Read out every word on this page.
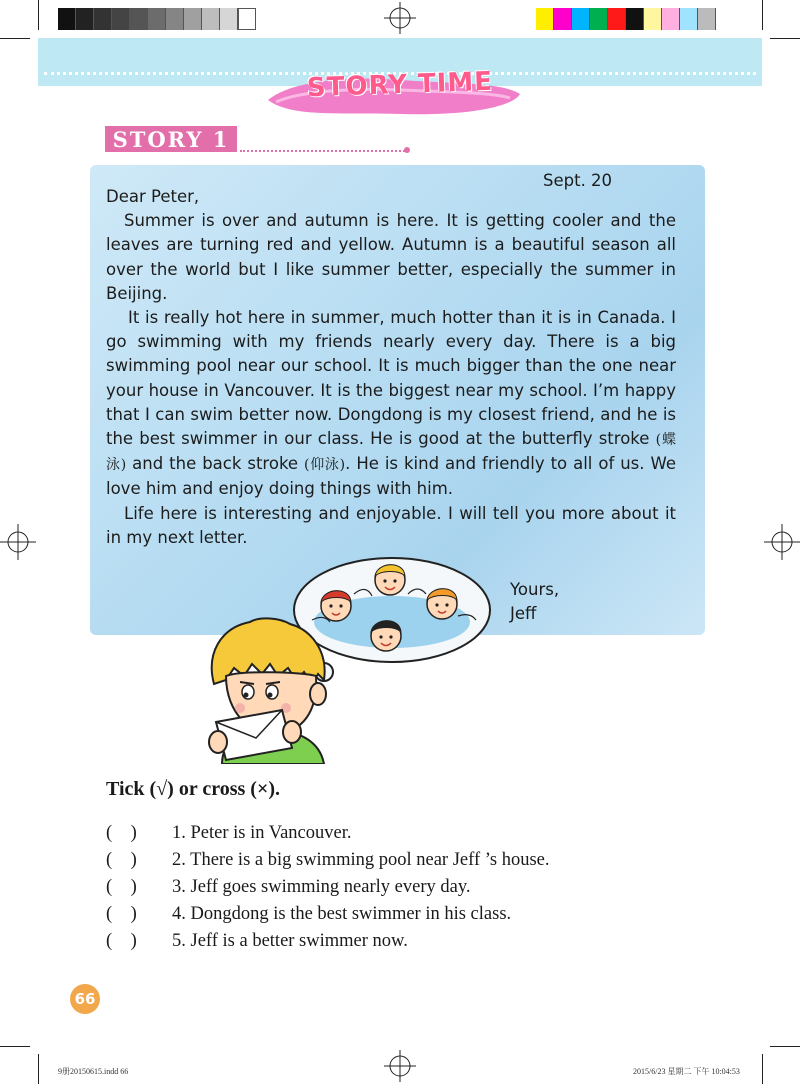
STORY TIME
STORY 1
Sept. 20

Dear Peter,

Summer is over and autumn is here. It is getting cooler and the leaves are turning red and yellow. Autumn is a beautiful season all over the world but I like summer better, especially the summer in Beijing.

It is really hot here in summer, much hotter than it is in Canada. I go swimming with my friends nearly every day. There is a big swimming pool near our school. It is much bigger than the one near your house in Vancouver. It is the biggest near my school. I’m happy that I can swim better now. Dongdong is my closest friend, and he is the best swimmer in our class. He is good at the butterfly stroke (蝶泳) and the back stroke (仰泳). He is kind and friendly to all of us. We love him and enjoy doing things with him.

Life here is interesting and enjoyable. I will tell you more about it in my next letter.

Yours,
Jeff
Tick (√) or cross (×).
(    )	1. Peter is in Vancouver.
(    )	2. There is a big swimming pool near Jeff ’s house.
(    )	3. Jeff goes swimming nearly every day.
(    )	4. Dongdong is the best swimmer in his class.
(    )	5. Jeff is a better swimmer now.
66
9册20150615.indd 66	2015/6/23 星期二 下午 10:04:53
